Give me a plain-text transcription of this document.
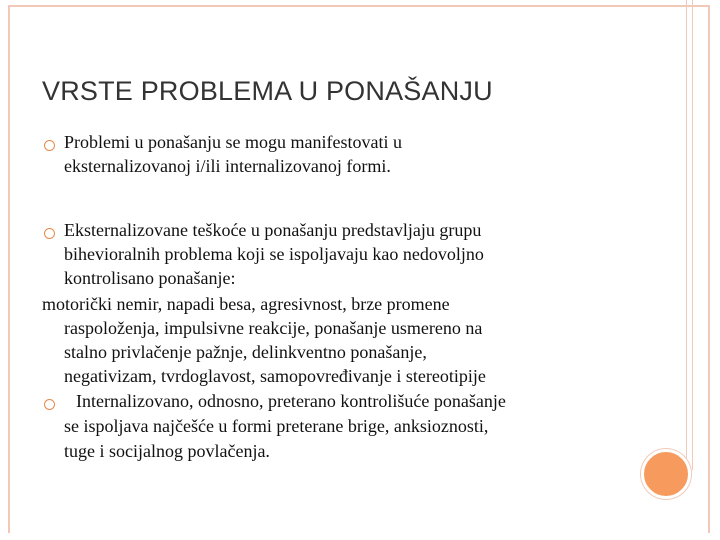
VRSTE PROBLEMA U PONAŠANJU
Problemi u ponašanju se mogu manifestovati u
eksternalizovanoj i/ili internalizovanoj formi.
Eksternalizovane teškoće u ponašanju predstavljaju grupu
bihevioralnih problema koji se ispoljavaju kao nedovoljno
kontrolisano ponašanje:
motorički nemir, napadi besa, agresivnost, brze promene
raspoloženja, impulsivne reakcije, ponašanje usmereno na
stalno privlačenje pažnje, delinkventno ponašanje,
negativizam, tvrdoglavost, samopovređivanje i stereotipije
Internalizovano, odnosno, preterano kontrolišuće ponašanje
se ispoljava najčešće u formi preterane brige, anksioznosti,
tuge i socijalnog povlačenja.
